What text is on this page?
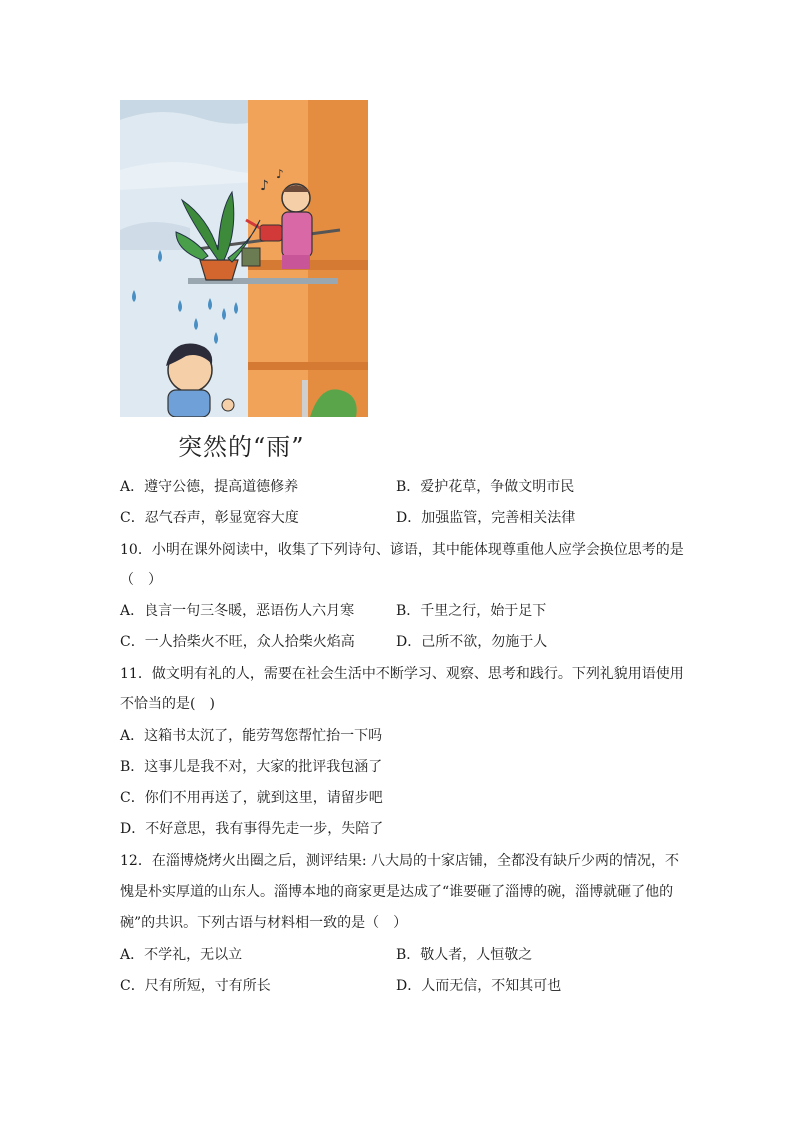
♪
♪
突然的“雨”
A．遵守公德，提高道德修养	B．爱护花草，争做文明市民
C．忍气吞声，彰显宽容大度	D．加强监管，完善相关法律
10．小明在课外阅读中，收集了下列诗句、谚语，其中能体现尊重他人应学会换位思考的是
（　）
A．良言一句三冬暖，恶语伤人六月寒	B．千里之行，始于足下
C．一人拾柴火不旺，众人拾柴火焰高	D．己所不欲，勿施于人
11．做文明有礼的人，需要在社会生活中不断学习、观察、思考和践行。下列礼貌用语使用
不恰当的是(　)
A．这箱书太沉了，能劳驾您帮忙抬一下吗
B．这事儿是我不对，大家的批评我包涵了
C．你们不用再送了，就到这里，请留步吧
D．不好意思，我有事得先走一步，失陪了
12．在淄博烧烤火出圈之后，测评结果: 八大局的十家店铺，全都没有缺斤少两的情况，不
愧是朴实厚道的山东人。淄博本地的商家更是达成了“谁要砸了淄博的碗，淄博就砸了他的
碗”的共识。下列古语与材料相一致的是（　）
A．不学礼，无以立	B．敬人者，人恒敬之
C．尺有所短，寸有所长	D．人而无信，不知其可也
